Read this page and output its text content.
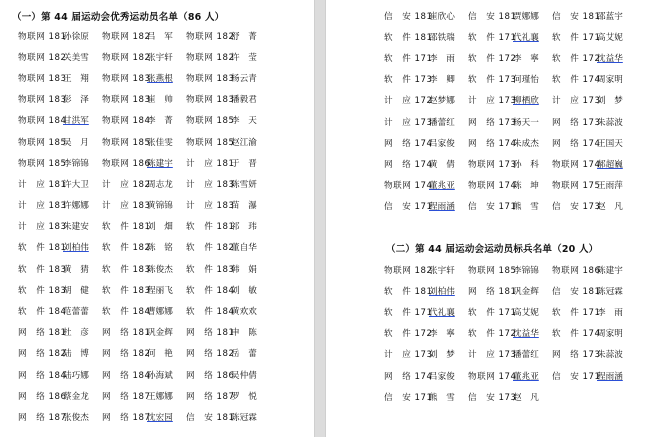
（一）第 44 届运动会优秀运动员名单（86 人）
物联网 181
孙徐原 物联网 182
吕　军 物联网 182
舒　菁
物联网 182
关美雪 物联网 182
张宇轩 物联网 182
许　莹
物联网 183
王　翔 物联网 183
张燕根 物联网 183
杨云青
物联网 183
彭　泽 物联网 183
崔　帅 物联网 183
潘毅君
物联网 184
甘洪军 物联网 184
李　菁 物联网 185
李　天
物联网 185
吴　月 物联网 185
张佳雯 物联网 185
赵江渝
物联网 185
李锦锦 物联网 186
陈建宇 计　应 181
于　晋
计　应 181
许大卫 计　应 182
周志龙 计　应 183
陈雪妍
计　应 183
许娜娜 计　应 183
黄锦锦 计　应 183
苗　瀑
计　应 183
朱建安 软　件 181
刘　畑 软　件 181
祁　玮
软　件 181
刘柏伟 软　件 182
陈　铭 软　件 182
董自华
软　件 183
黄　猜 软　件 183
陈俊杰 软　件 183
韩　娟
软　件 183
胡　健 软　件 183
程丽飞 软　件 184
刘　敏
软　件 184
范蕾蕾 软　件 184
曹娜娜 软　件 184
黄欢欢
网　络 181
杜　彦 网　络 181
巩金辉 网　络 181
申　陈
网　络 182
陆　博 网　络 182
何　艳 网　络 182
岳　蕾
网　络 184
陆巧娜 网　络 184
孙海斌 网　络 186
吴仲倩
网　络 186
蔡金龙 网　络 187
王娜娜 网　络 187
罗　悦
网　络 187
张俊杰 网　络 187
沈宏园 信　安 181
陈冠霖
信　安 181
崔欣心 信　安 181
贾娜娜 信　安 181
邵蓝宇
软　件 181
邵铁瑞 软　件 171
代礼襄 软　件 171
高艾妮
软　件 171
李　雨 软　件 172
李　寧 软　件 172
沈益华
软　件 173
李　卿 软　件 173
何瑾怡 软　件 174
周家明
计　应 172
赵梦娜 计　应 173
柳栖欣 计　应 173
刘　梦
计　应 173
潘蕾红 网　络 173
杨天一 网　络 173
朱蒜波
网　络 174
吕家俊 网　络 174
朱成杰 网　络 174
王国天
网　络 174
黄　倩 物联网 173
孙　科 物联网 174
郝超巍
物联网 174
董兆亚 物联网 174
陈　坤 物联网 175
王雨萍
信　安 171
程雨涵 信　安 171
熊　雪 信　安 173
赵　凡
（二）第 44 届运动会运动员标兵名单（20 人）
物联网 182
张宇轩 物联网 185
李锦锦 物联网 186
陈建宇
软　件 181
刘柏伟 网　络 181
巩金辉 信　安 181
陈冠霖
软　件 171
代礼襄 软　件 171
高艾妮 软　件 171
李　雨
软　件 172
李　寧 软　件 172
沈益华 软　件 174
周家明
计　应 173
刘　梦 计　应 173
潘蕾红 网　络 173
朱蒜波
网　络 174
吕家俊 物联网 174
董兆亚 信　安 171
程雨涵
信　安 171
熊　雪 信　安 173
赵　凡
